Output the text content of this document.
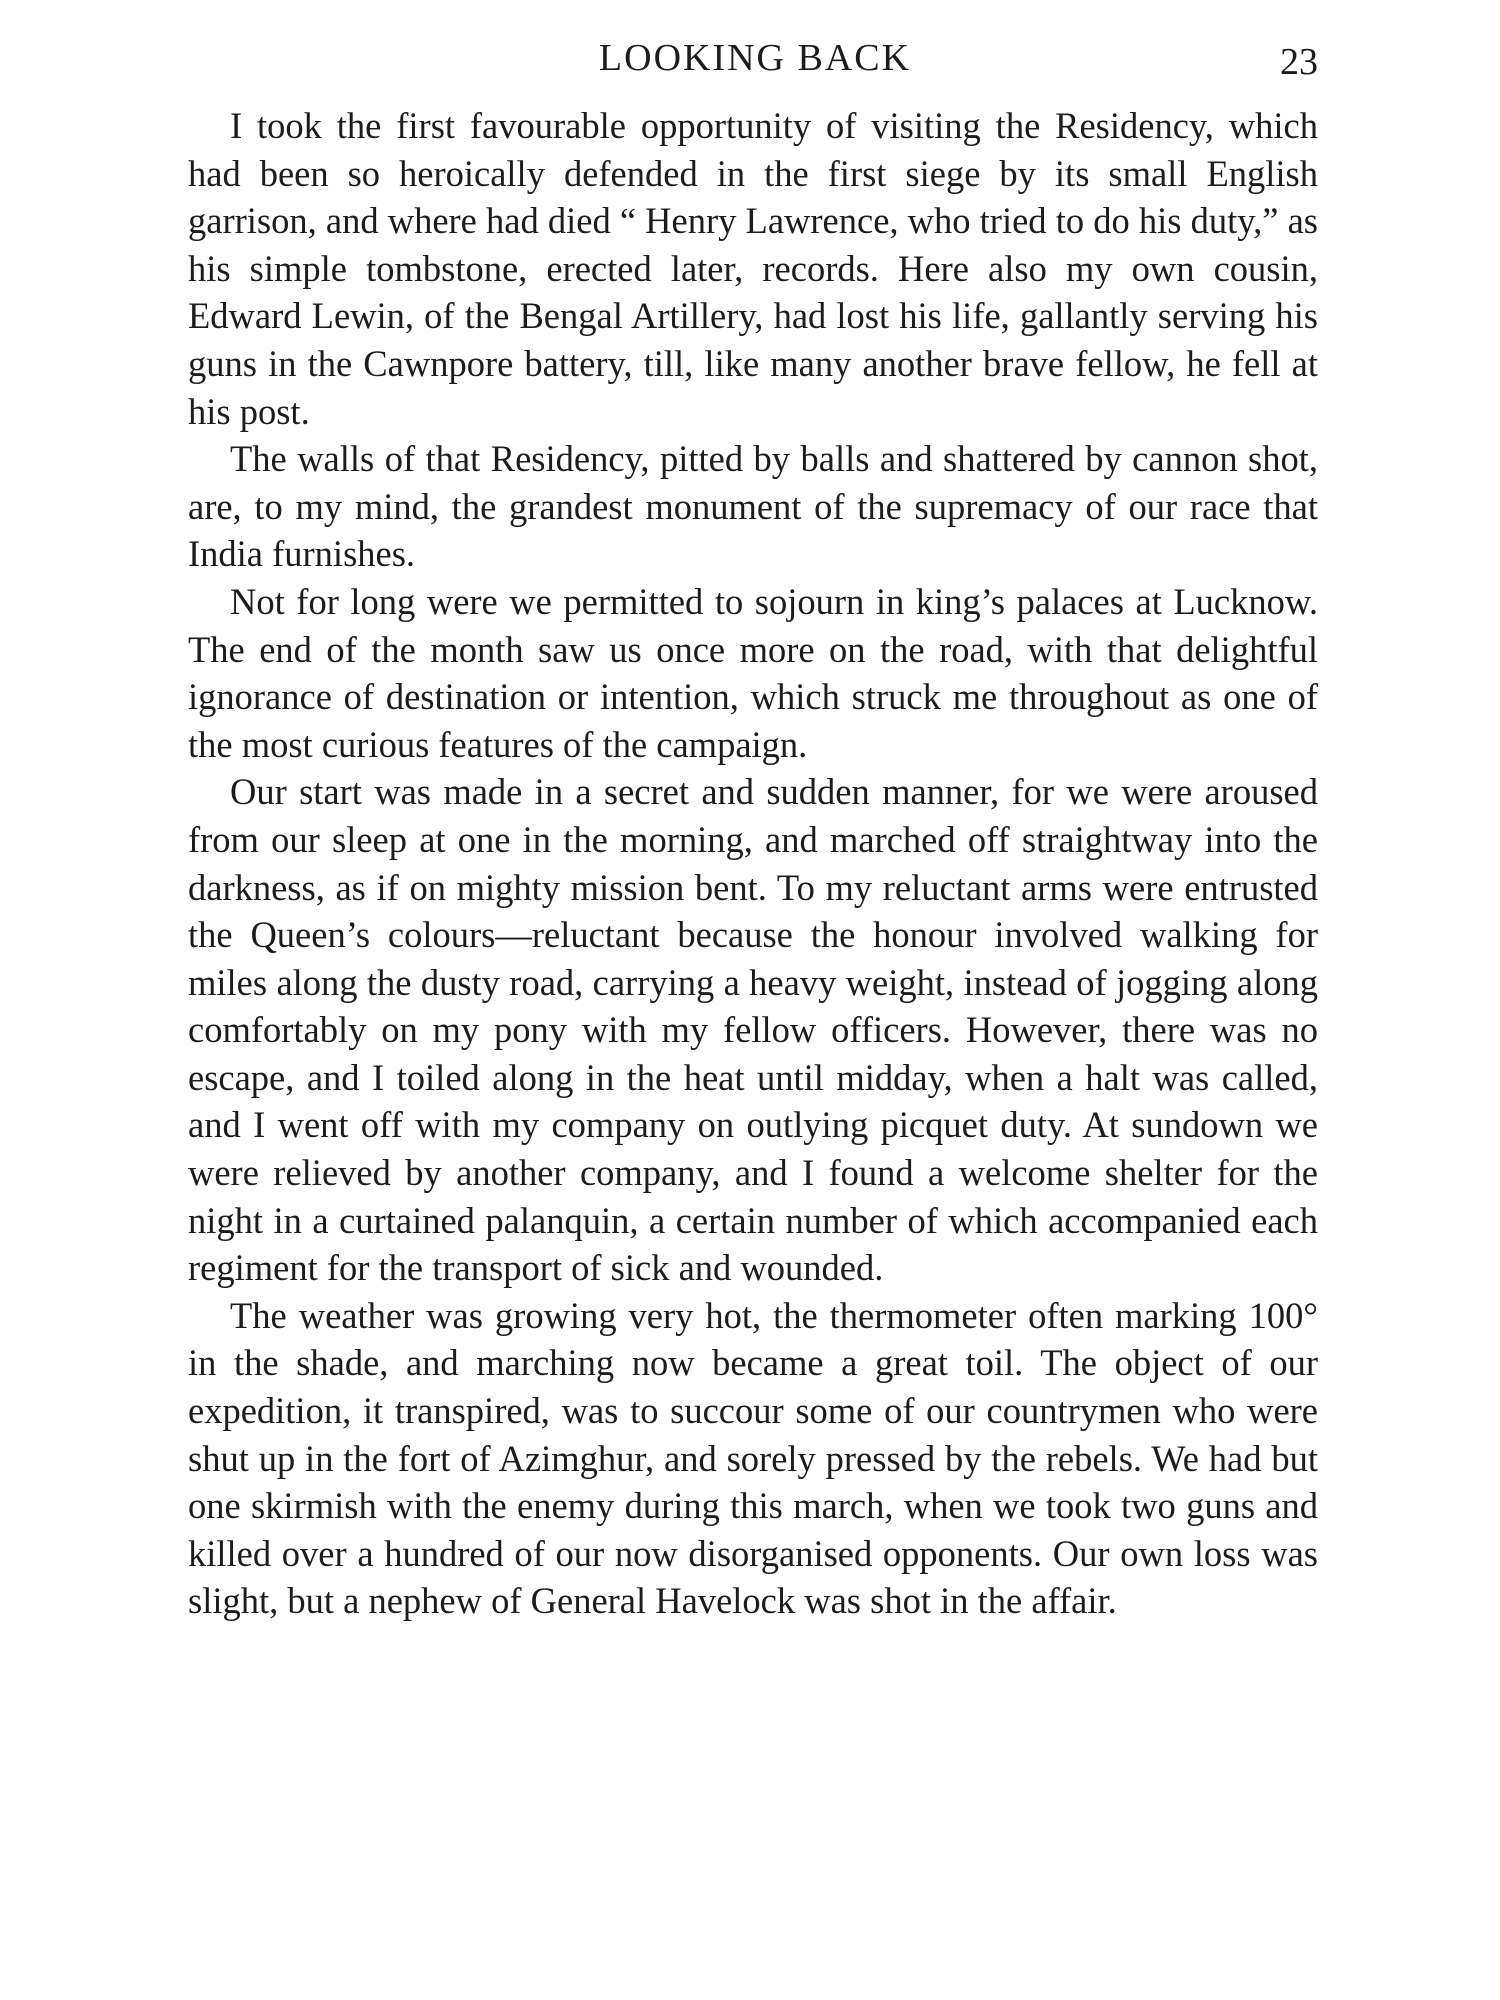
LOOKING BACK	23

I took the first favourable opportunity of visiting the Residency, which had been so heroically defended in the first siege by its small English garrison, and where had died “ Henry Lawrence, who tried to do his duty,” as his simple tombstone, erected later, records. Here also my own cousin, Edward Lewin, of the Bengal Artillery, had lost his life, gallantly serving his guns in the Cawnpore battery, till, like many another brave fellow, he fell at his post.

The walls of that Residency, pitted by balls and shattered by cannon shot, are, to my mind, the grandest monument of the supremacy of our race that India furnishes.

Not for long were we permitted to sojourn in king’s palaces at Lucknow. The end of the month saw us once more on the road, with that delightful ignorance of destination or intention, which struck me throughout as one of the most curious features of the campaign.

Our start was made in a secret and sudden manner, for we were aroused from our sleep at one in the morning, and marched off straightway into the darkness, as if on mighty mission bent. To my reluctant arms were entrusted the Queen’s colours—reluctant because the honour involved walking for miles along the dusty road, carrying a heavy weight, instead of jogging along comfortably on my pony with my fellow officers. However, there was no escape, and I toiled along in the heat until midday, when a halt was called, and I went off with my company on outlying picquet duty. At sundown we were relieved by another company, and I found a welcome shelter for the night in a curtained palanquin, a certain number of which accompanied each regiment for the transport of sick and wounded.

The weather was growing very hot, the thermometer often marking 100° in the shade, and marching now became a great toil. The object of our expedition, it transpired, was to succour some of our countrymen who were shut up in the fort of Azimghur, and sorely pressed by the rebels. We had but one skirmish with the enemy during this march, when we took two guns and killed over a hundred of our now disorganised opponents. Our own loss was slight, but a nephew of General Havelock was shot in the affair.
